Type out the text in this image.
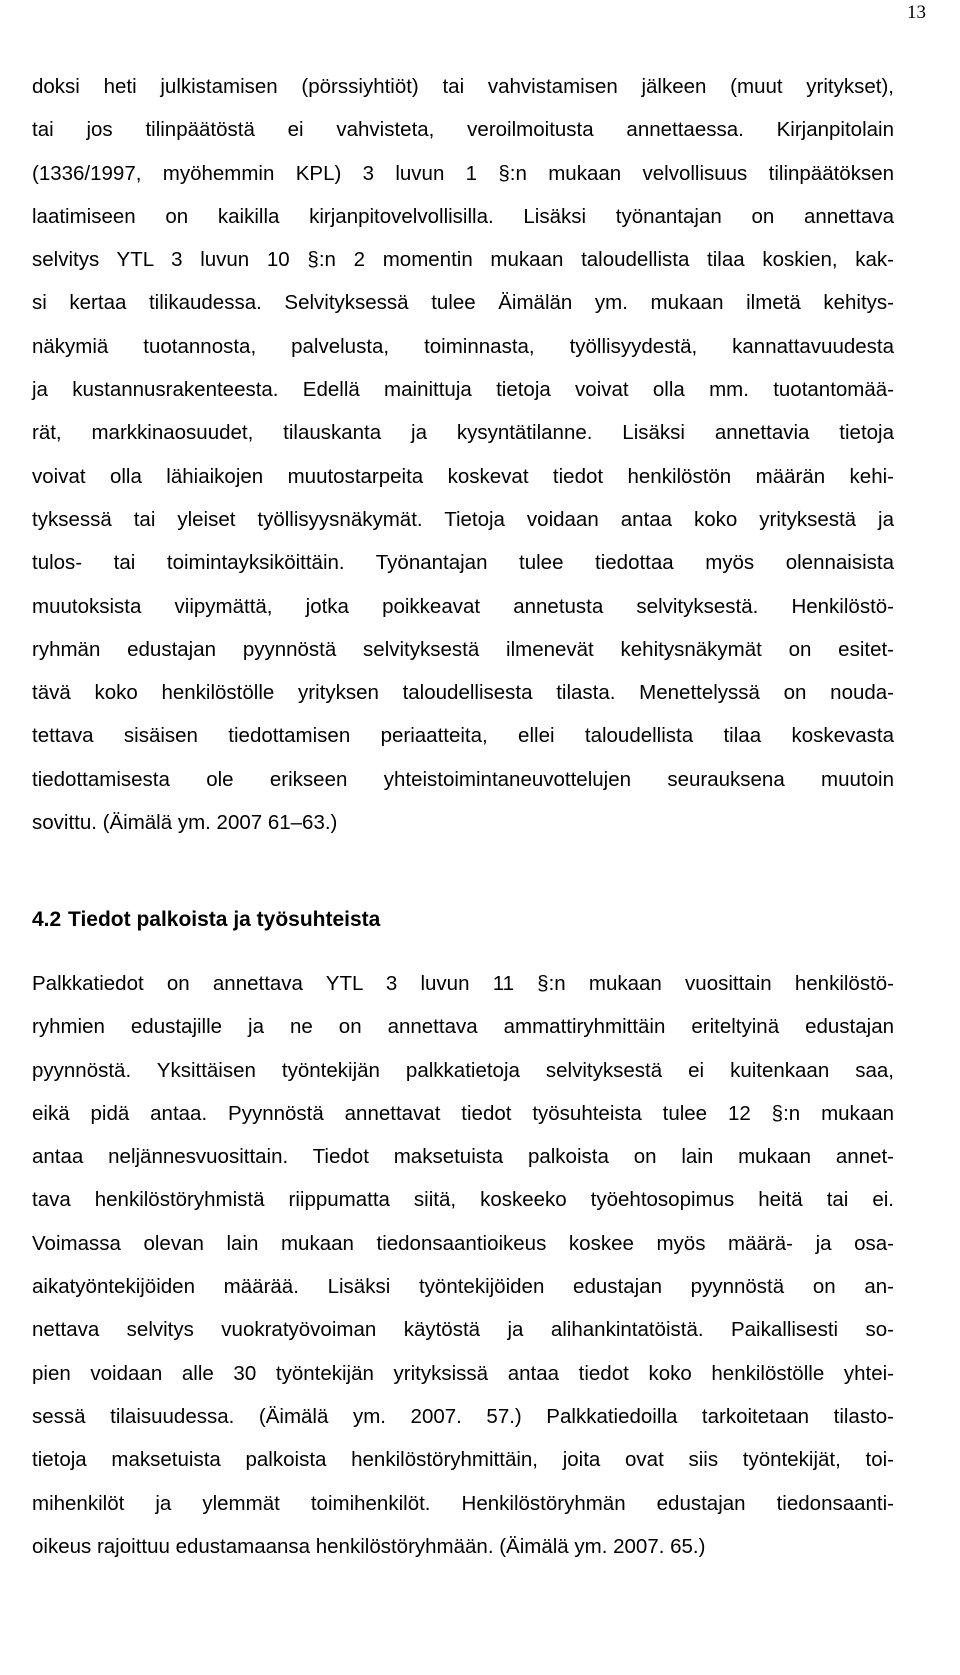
13
doksi heti julkistamisen (pörssiyhtiöt) tai vahvistamisen jälkeen (muut yritykset),
tai jos tilinpäätöstä ei vahvisteta, veroilmoitusta annettaessa. Kirjanpitolain
(1336/1997, myöhemmin KPL) 3 luvun 1 §:n mukaan velvollisuus tilinpäätöksen
laatimiseen on kaikilla kirjanpitovelvollisilla. Lisäksi työnantajan on annettava
selvitys YTL 3 luvun 10 §:n 2 momentin mukaan taloudellista tilaa koskien, kak-
si kertaa tilikaudessa. Selvityksessä tulee Äimälän ym. mukaan ilmetä kehitys-
näkymiä tuotannosta, palvelusta, toiminnasta, työllisyydestä, kannattavuudesta
ja kustannusrakenteesta. Edellä mainittuja tietoja voivat olla mm. tuotantomää-
rät, markkinaosuudet, tilauskanta ja kysyntätilanne. Lisäksi annettavia tietoja
voivat olla lähiaikojen muutostarpeita koskevat tiedot henkilöstön määrän kehi-
tyksessä tai yleiset työllisyysnäkymät. Tietoja voidaan antaa koko yrityksestä ja
tulos- tai toimintayksiköittäin. Työnantajan tulee tiedottaa myös olennaisista
muutoksista viipymättä, jotka poikkeavat annetusta selvityksestä. Henkilöstö-
ryhmän edustajan pyynnöstä selvityksestä ilmenevät kehitysnäkymät on esitet-
tävä koko henkilöstölle yrityksen taloudellisesta tilasta. Menettelyssä on nouda-
tettava sisäisen tiedottamisen periaatteita, ellei taloudellista tilaa koskevasta
tiedottamisesta ole erikseen yhteistoimintaneuvottelujen seurauksena muutoin
sovittu. (Äimälä ym. 2007 61–63.)
4.2 Tiedot palkoista ja työsuhteista
Palkkatiedot on annettava YTL 3 luvun 11 §:n mukaan vuosittain henkilöstö-
ryhmien edustajille ja ne on annettava ammattiryhmittäin eriteltyinä edustajan
pyynnöstä. Yksittäisen työntekijän palkkatietoja selvityksestä ei kuitenkaan saa,
eikä pidä antaa. Pyynnöstä annettavat tiedot työsuhteista tulee 12 §:n mukaan
antaa neljännesvuosittain. Tiedot maksetuista palkoista on lain mukaan annet-
tava henkilöstöryhmistä riippumatta siitä, koskeeko työehtosopimus heitä tai ei.
Voimassa olevan lain mukaan tiedonsaantioikeus koskee myös määrä- ja osa-
aikatyöntekijöiden määrää. Lisäksi työntekijöiden edustajan pyynnöstä on an-
nettava selvitys vuokratyövoiman käytöstä ja alihankintatöistä. Paikallisesti so-
pien voidaan alle 30 työntekijän yrityksissä antaa tiedot koko henkilöstölle yhtei-
sessä tilaisuudessa. (Äimälä ym. 2007. 57.) Palkkatiedoilla tarkoitetaan tilasto-
tietoja maksetuista palkoista henkilöstöryhmittäin, joita ovat siis työntekijät, toi-
mihenkilöt ja ylemmät toimihenkilöt. Henkilöstöryhmän edustajan tiedonsaanti-
oikeus rajoittuu edustamaansa henkilöstöryhmään. (Äimälä ym. 2007. 65.)
